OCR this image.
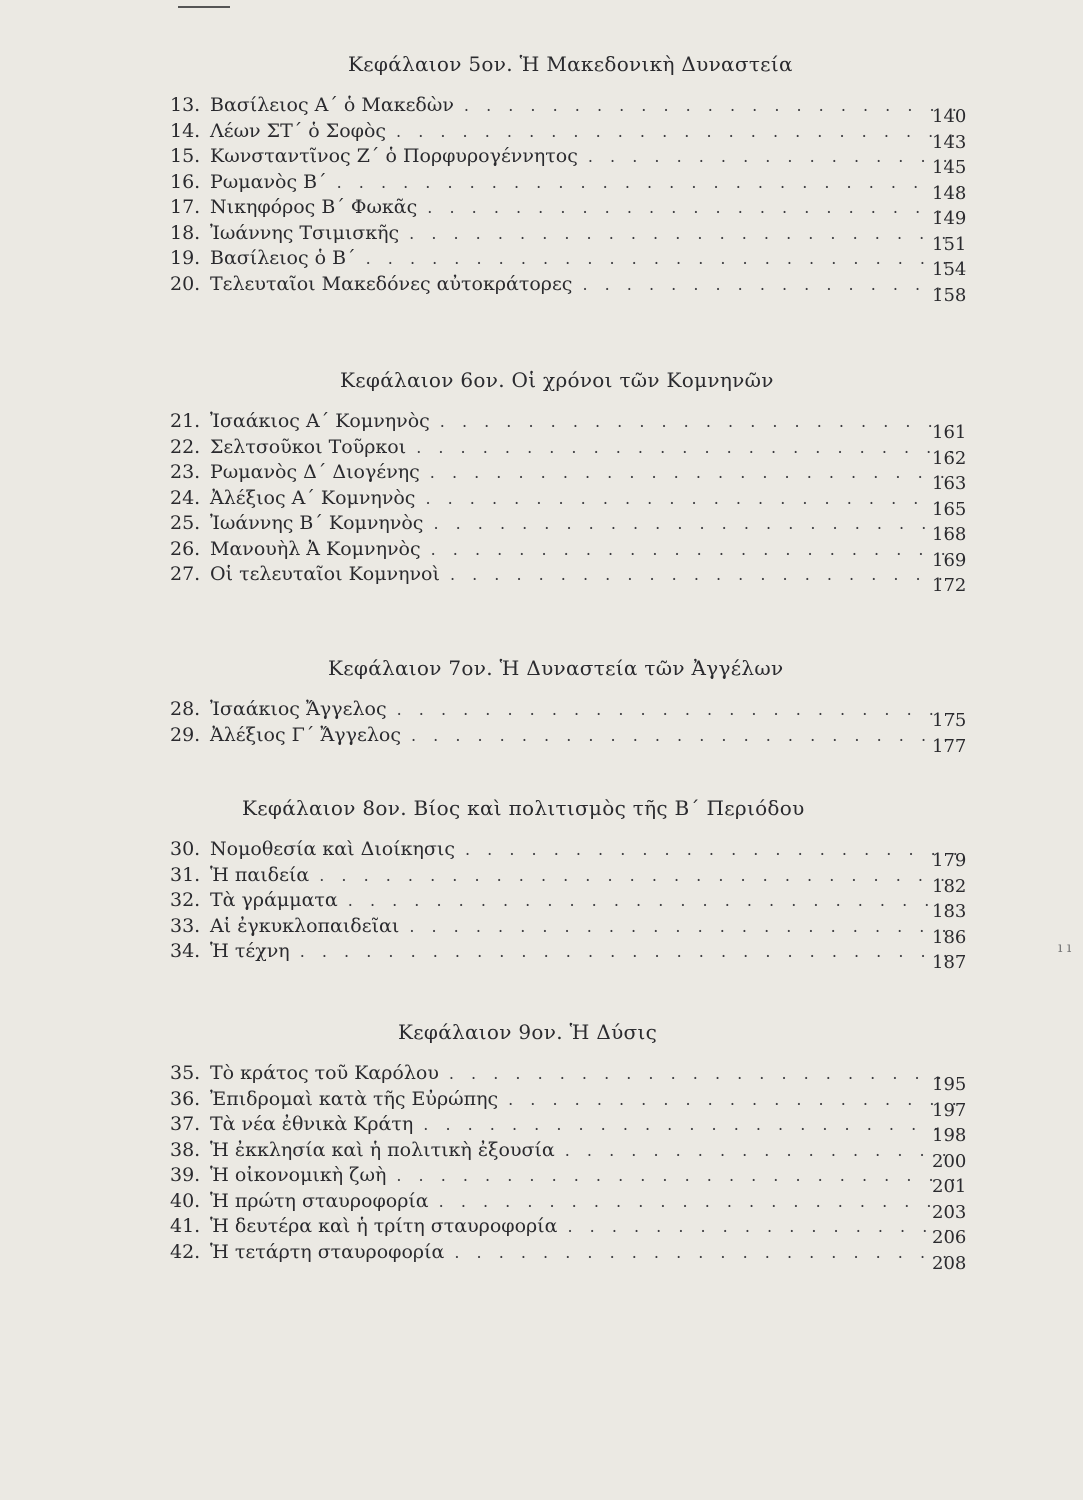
Κεφάλαιον 5ον. Ἡ Μακεδονικὴ Δυναστεία
13. Βασίλειος Α΄ ὁ Μακεδὼν
. . .
140
14. Λέων ΣΤ΄ ὁ Σοφὸς
. . .
143
15. Κωνσταντῖνος Ζ΄ ὁ Πορφυρογέννητος
. . .
145
16. Ρωμανὸς Β΄
. . .
148
17. Νικηφόρος Β΄ Φωκᾶς
. . .
149
18. Ἰωάννης Τσιμισκῆς
. . .
151
19. Βασίλειος ὁ Β΄
. . .
154
20. Τελευταῖοι Μακεδόνες αὐτοκράτορες
. . .
158
Κεφάλαιον 6ον. Οἱ χρόνοι τῶν Κομνηνῶν
21. Ἰσαάκιος Α΄ Κομνηνὸς
. . .
161
22. Σελτσοῦκοι Τοῦρκοι
. . .
162
23. Ρωμανὸς Δ΄ Διογένης
. . .
163
24. Ἀλέξιος Α΄ Κομνηνὸς
. . .
165
25. Ἰωάννης Β΄ Κομνηνὸς
. . .
168
26. Μανουὴλ Ἀ Κομνηνὸς
. . .
169
27. Οἱ τελευταῖοι Κομνηνοὶ
. . .
172
Κεφάλαιον 7ον. Ἡ Δυναστεία τῶν Ἀγγέλων
28. Ἰσαάκιος Ἄγγελος
. . .
175
29. Ἀλέξιος Γ΄ Ἄγγελος
. . .
177
Κεφάλαιον 8ον. Βίος καὶ πολιτισμὸς τῆς Β΄ Περιόδου
30. Νομοθεσία καὶ Διοίκησις
. . .
179
31. Ἡ παιδεία
. . .
182
32. Τὰ γράμματα
. . .
183
33. Αἱ ἐγκυκλοπαιδεῖαι
. . .
186
34. Ἡ τέχνη
. . .
187
Κεφάλαιον 9ον. Ἡ Δύσις
35. Τὸ κράτος τοῦ Καρόλου
. . .
195
36. Ἐπιδρομαὶ κατὰ τῆς Εὐρώπης
. . .
197
37. Τὰ νέα ἐθνικὰ Κράτη
. . .
198
38. Ἡ ἐκκλησία καὶ ἡ πολιτικὴ ἐξουσία
. . .
200
39. Ἡ οἰκονομικὴ ζωὴ
. . .
201
40. Ἡ πρώτη σταυροφορία
. . .
203
41. Ἡ δευτέρα καὶ ἡ τρίτη σταυροφορία
. . .
206
42. Ἡ τετάρτη σταυροφορία
. . .
208
ı ı
